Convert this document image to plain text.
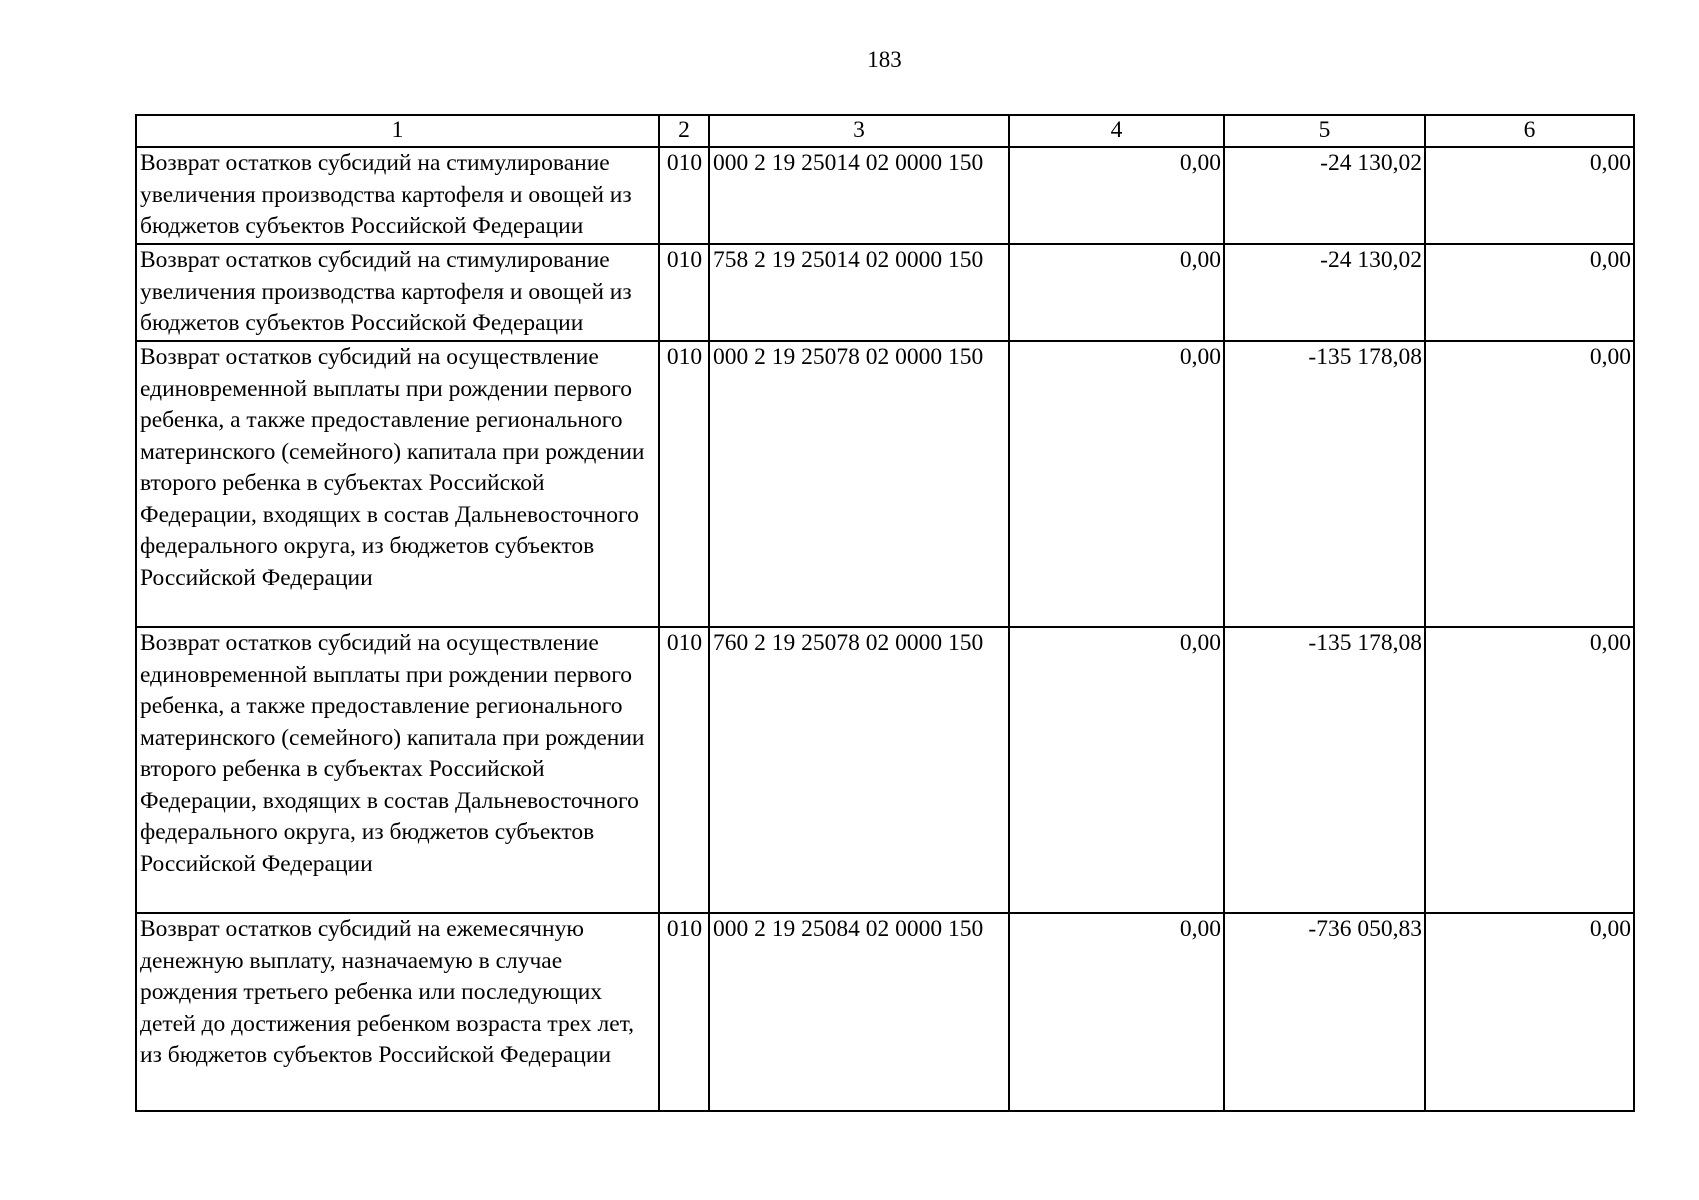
183
1	2	3	4	5	6
Возврат остатков субсидий на стимулирование увеличения производства картофеля и овощей из бюджетов субъектов Российской Федерации	010	000 2 19 25014 02 0000 150	0,00	-24 130,02	0,00
Возврат остатков субсидий на стимулирование увеличения производства картофеля и овощей из бюджетов субъектов Российской Федерации	010	758 2 19 25014 02 0000 150	0,00	-24 130,02	0,00
Возврат остатков субсидий на осуществление единовременной выплаты при рождении первого ребенка, а также предоставление регионального материнского (семейного) капитала при рождении второго ребенка в субъектах Российской Федерации, входящих в состав Дальневосточного федерального округа, из бюджетов субъектов Российской Федерации	010	000 2 19 25078 02 0000 150	0,00	-135 178,08	0,00
Возврат остатков субсидий на осуществление единовременной выплаты при рождении первого ребенка, а также предоставление регионального материнского (семейного) капитала при рождении второго ребенка в субъектах Российской Федерации, входящих в состав Дальневосточного федерального округа, из бюджетов субъектов Российской Федерации	010	760 2 19 25078 02 0000 150	0,00	-135 178,08	0,00
Возврат остатков субсидий на ежемесячную денежную выплату, назначаемую в случае рождения третьего ребенка или последующих детей до достижения ребенком возраста трех лет, из бюджетов субъектов Российской Федерации	010	000 2 19 25084 02 0000 150	0,00	-736 050,83	0,00
